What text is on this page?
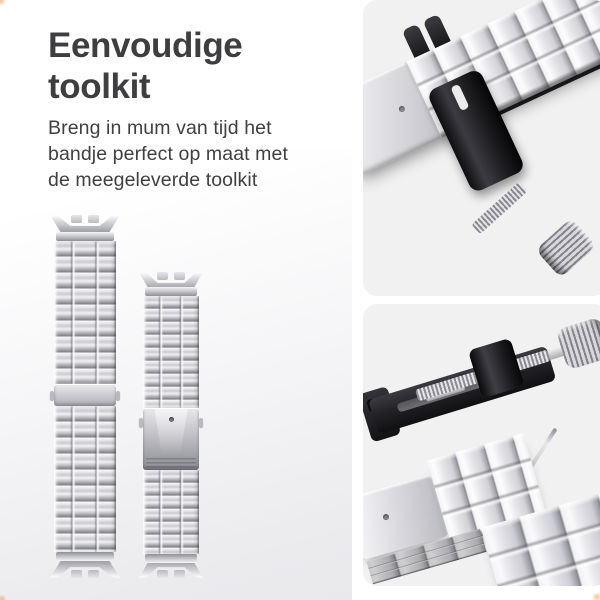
Eenvoudige
toolkit

Breng in mum van tijd het
bandje perfect op maat met
de meegeleverde toolkit
